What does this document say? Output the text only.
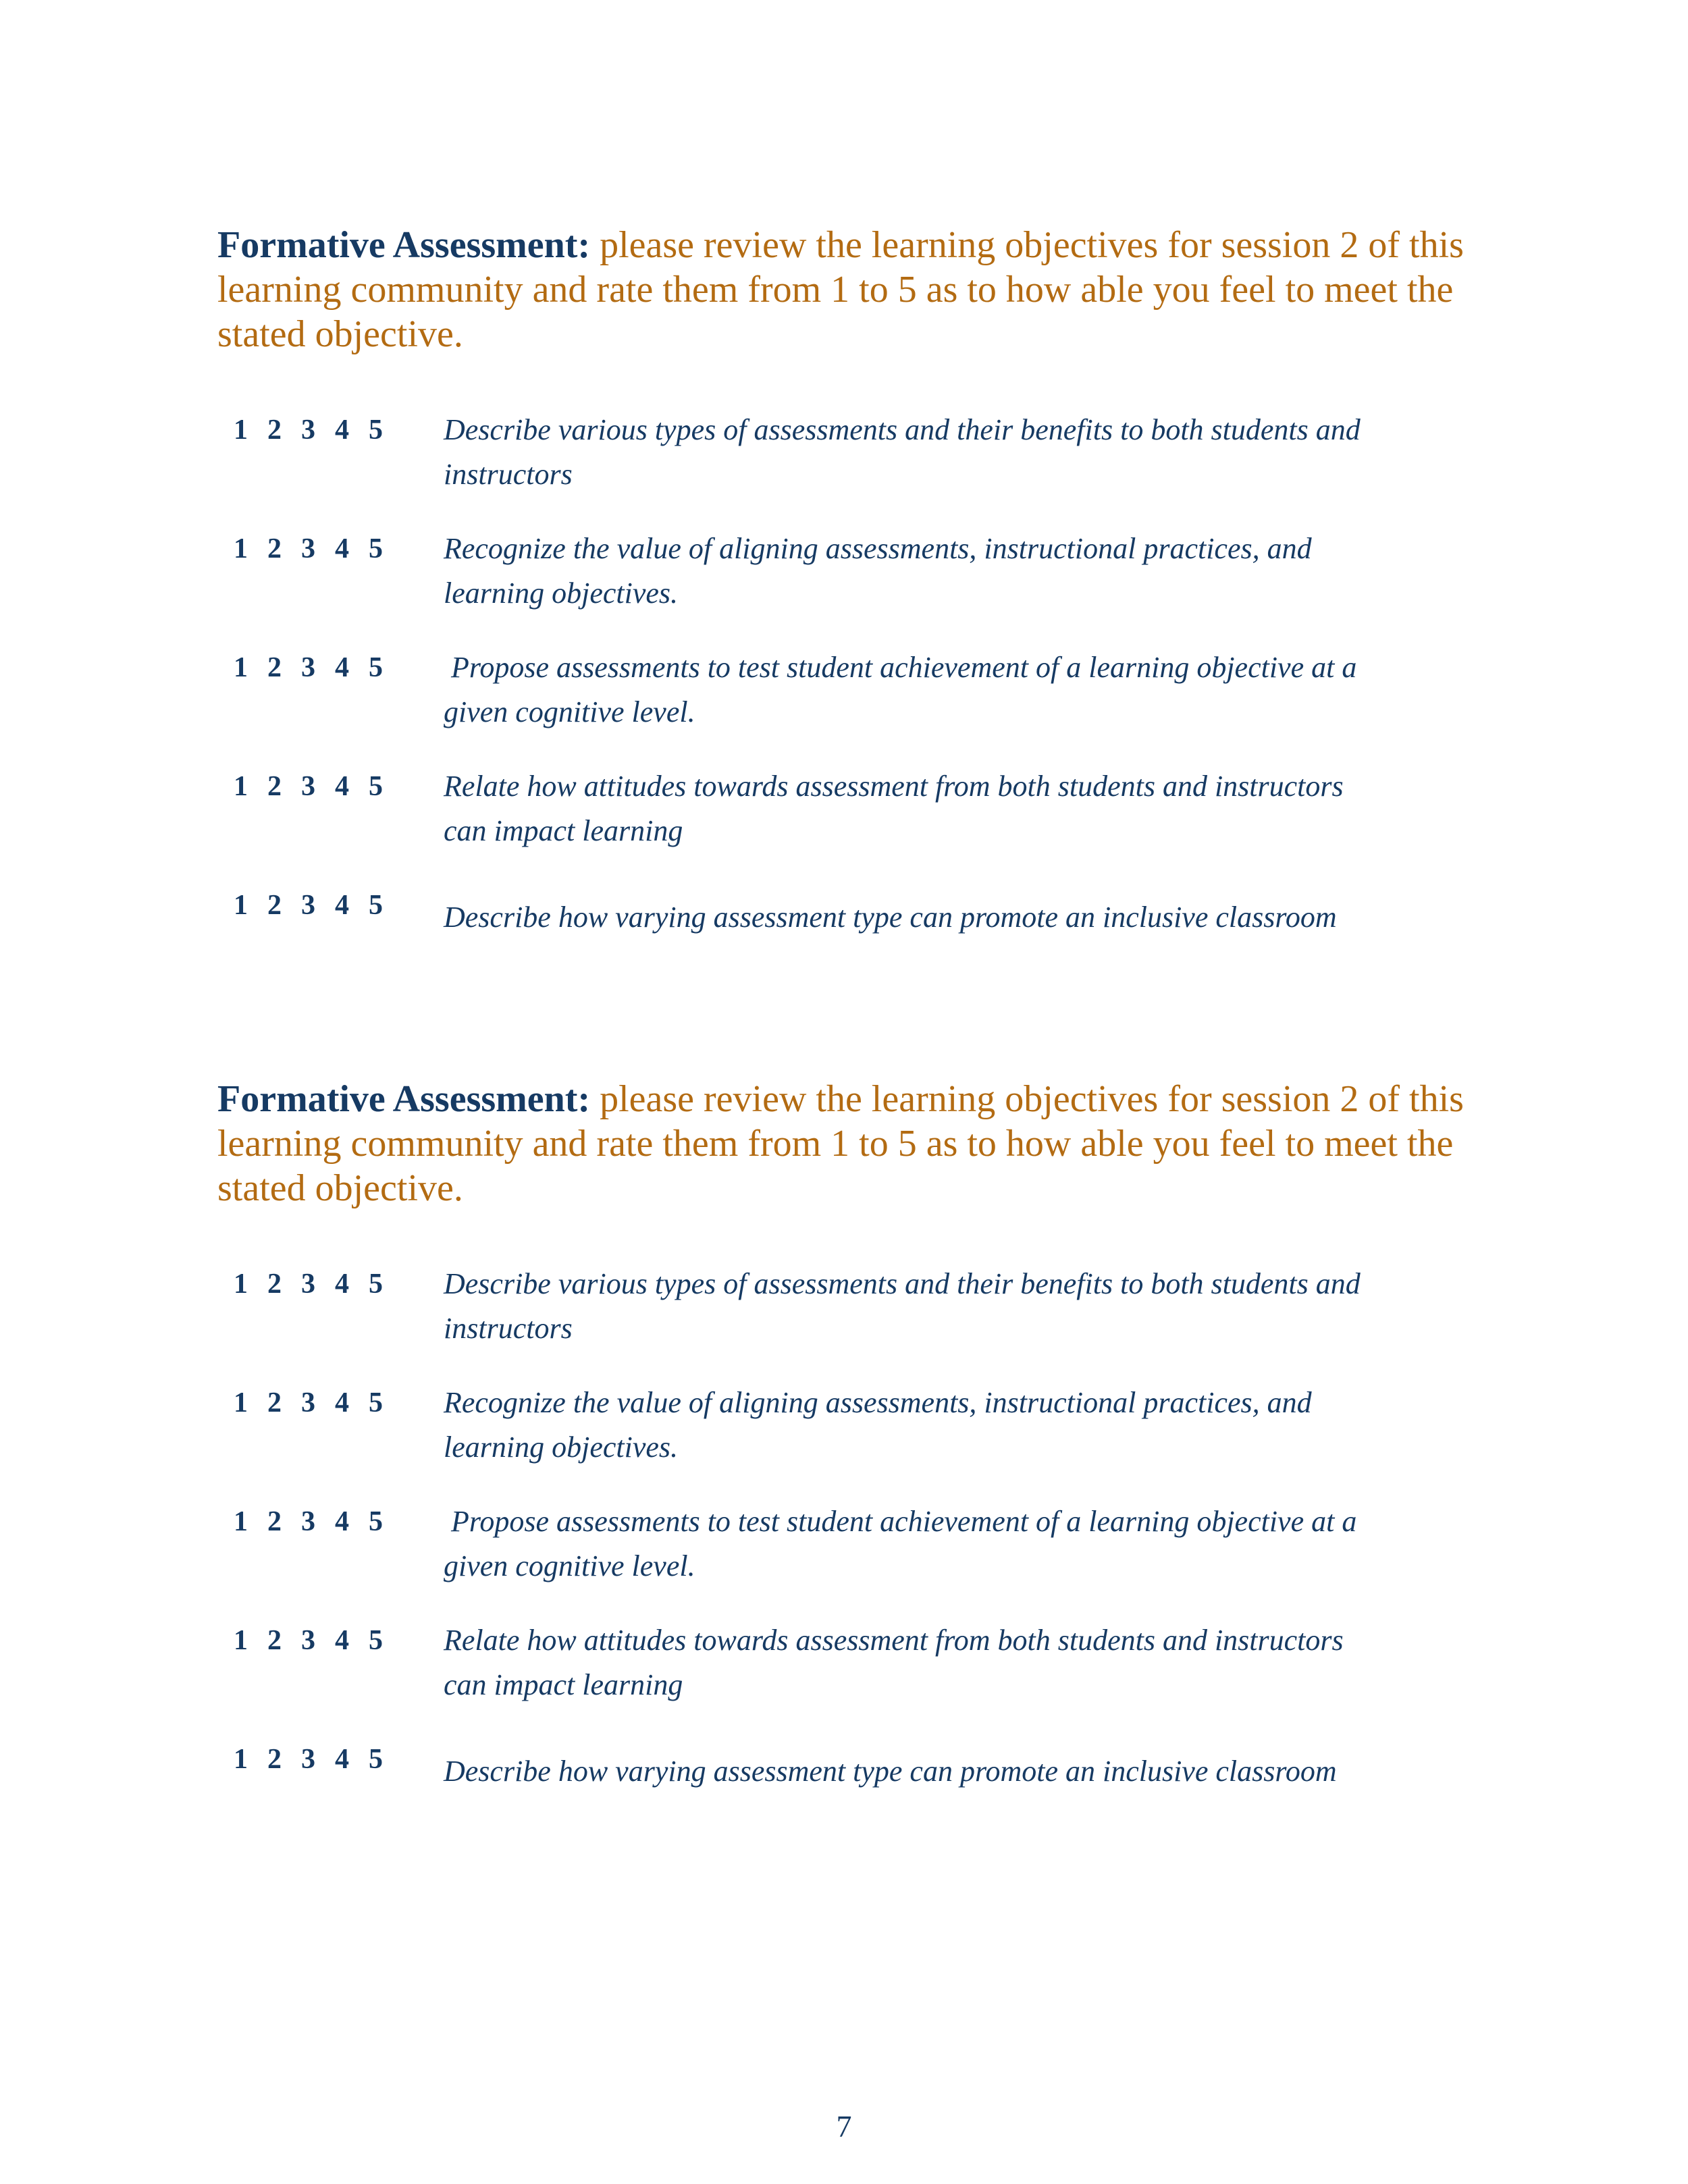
Formative Assessment: please review the learning objectives for session 2 of this learning community and rate them from 1 to 5 as to how able you feel to meet the stated objective.

1 2 3 4 5	Describe various types of assessments and their benefits to both students and instructors
1 2 3 4 5	Recognize the value of aligning assessments, instructional practices, and learning objectives.
1 2 3 4 5	Propose assessments to test student achievement of a learning objective at a given cognitive level.
1 2 3 4 5	Relate how attitudes towards assessment from both students and instructors can impact learning
1 2 3 4 5	Describe how varying assessment type can promote an inclusive classroom

Formative Assessment: please review the learning objectives for session 2 of this learning community and rate them from 1 to 5 as to how able you feel to meet the stated objective.

1 2 3 4 5	Describe various types of assessments and their benefits to both students and instructors
1 2 3 4 5	Recognize the value of aligning assessments, instructional practices, and learning objectives.
1 2 3 4 5	Propose assessments to test student achievement of a learning objective at a given cognitive level.
1 2 3 4 5	Relate how attitudes towards assessment from both students and instructors can impact learning
1 2 3 4 5	Describe how varying assessment type can promote an inclusive classroom
7
